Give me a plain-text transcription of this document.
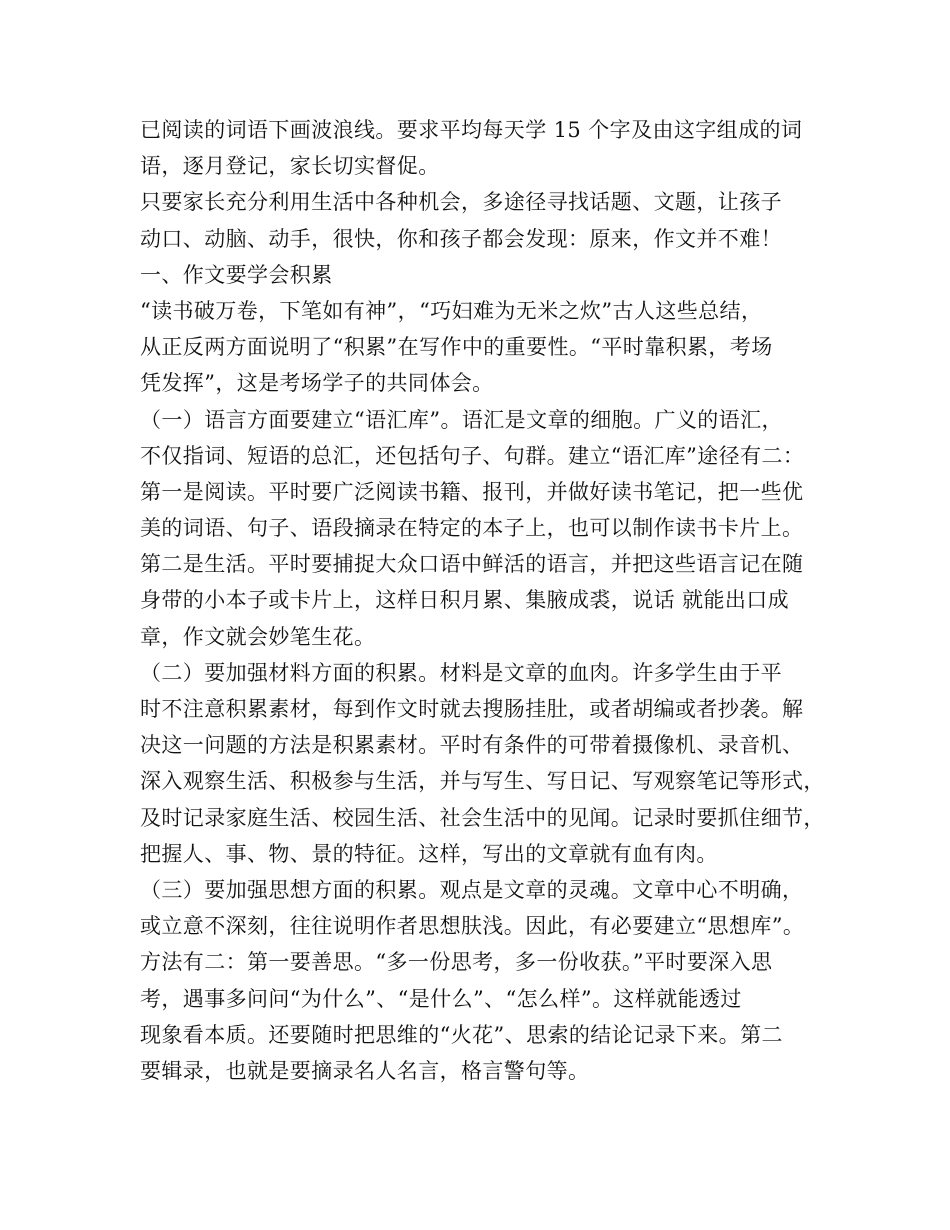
已阅读的词语下画波浪线。要求平均每天学 15 个字及由这字组成的词
语，逐月登记，家长切实督促。
只要家长充分利用生活中各种机会，多途径寻找话题、文题，让孩子
动口、动脑、动手，很快，你和孩子都会发现：原来，作文并不难！
一、作文要学会积累
“读书破万卷，下笔如有神”，“巧妇难为无米之炊”古人这些总结，
从正反两方面说明了“积累”在写作中的重要性。“平时靠积累，考场
凭发挥”，这是考场学子的共同体会。
（一）语言方面要建立“语汇库”。语汇是文章的细胞。广义的语汇，
不仅指词、短语的总汇，还包括句子、句群。建立“语汇库”途径有二：
第一是阅读。平时要广泛阅读书籍、报刊，并做好读书笔记，把一些优
美的词语、句子、语段摘录在特定的本子上，也可以制作读书卡片上。
第二是生活。平时要捕捉大众口语中鲜活的语言，并把这些语言记在随
身带的小本子或卡片上，这样日积月累、集腋成裘，说话 就能出口成
章，作文就会妙笔生花。
（二）要加强材料方面的积累。材料是文章的血肉。许多学生由于平
时不注意积累素材，每到作文时就去搜肠挂肚，或者胡编或者抄袭。解
决这一问题的方法是积累素材。平时有条件的可带着摄像机、录音机、
深入观察生活、积极参与生活，并与写生、写日记、写观察笔记等形式，
及时记录家庭生活、校园生活、社会生活中的见闻。记录时要抓住细节，
把握人、事、物、景的特征。这样，写出的文章就有血有肉。
（三）要加强思想方面的积累。观点是文章的灵魂。文章中心不明确，
或立意不深刻，往往说明作者思想肤浅。因此，有必要建立“思想库”。
方法有二：第一要善思。“多一份思考，多一份收获。”平时要深入思
考，遇事多问问“为什么”、“是什么”、“怎么样”。这样就能透过
现象看本质。还要随时把思维的“火花”、思索的结论记录下来。第二
要辑录，也就是要摘录名人名言，格言警句等。
